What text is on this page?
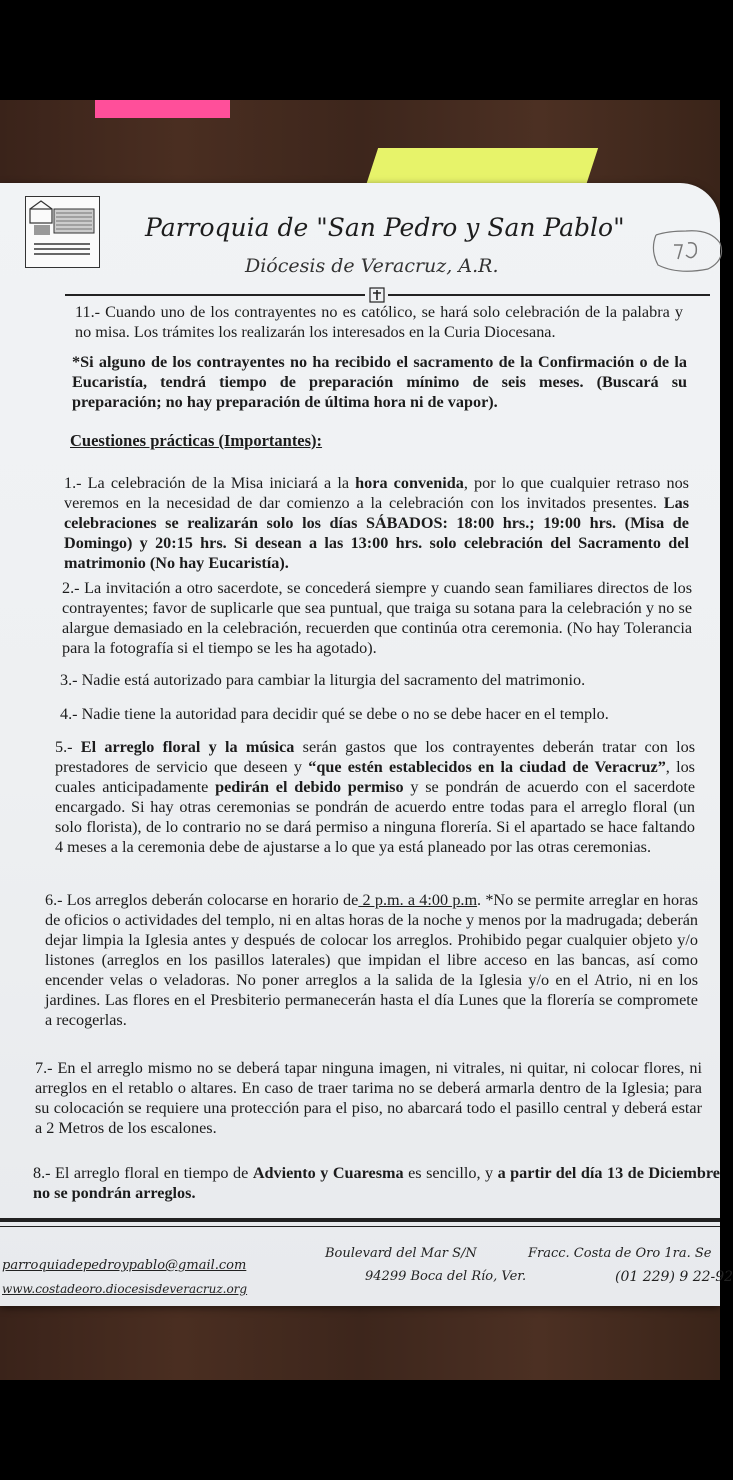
Parroquia de "San Pedro y San Pablo"
Diócesis de Veracruz, A.R.
11.- Cuando uno de los contrayentes no es católico, se hará solo celebración de la palabra y no misa. Los trámites los realizarán los interesados en la Curia Diocesana.
*Si alguno de los contrayentes no ha recibido el sacramento de la Confirmación o de la Eucaristía, tendrá tiempo de preparación mínimo de seis meses. (Buscará su preparación; no hay preparación de última hora ni de vapor).
Cuestiones prácticas (Importantes):
1.- La celebración de la Misa iniciará a la hora convenida, por lo que cualquier retraso nos veremos en la necesidad de dar comienzo a la celebración con los invitados presentes. Las celebraciones se realizarán solo los días SÁBADOS: 18:00 hrs.; 19:00 hrs. (Misa de Domingo) y 20:15 hrs. Si desean a las 13:00 hrs. solo celebración del Sacramento del matrimonio (No hay Eucaristía).
2.- La invitación a otro sacerdote, se concederá siempre y cuando sean familiares directos de los contrayentes; favor de suplicarle que sea puntual, que traiga su sotana para la celebración y no se alargue demasiado en la celebración, recuerden que continúa otra ceremonia. (No hay Tolerancia para la fotografía si el tiempo se les ha agotado).
3.- Nadie está autorizado para cambiar la liturgia del sacramento del matrimonio.
4.- Nadie tiene la autoridad para decidir qué se debe o no se debe hacer en el templo.
5.- El arreglo floral y la música serán gastos que los contrayentes deberán tratar con los prestadores de servicio que deseen y “que estén establecidos en la ciudad de Veracruz”, los cuales anticipadamente pedirán el debido permiso y se pondrán de acuerdo con el sacerdote encargado. Si hay otras ceremonias se pondrán de acuerdo entre todas para el arreglo floral (un solo florista), de lo contrario no se dará permiso a ninguna florería. Si el apartado se hace faltando 4 meses a la ceremonia debe de ajustarse a lo que ya está planeado por las otras ceremonias.
6.- Los arreglos deberán colocarse en horario de 2 p.m. a 4:00 p.m. *No se permite arreglar en horas de oficios o actividades del templo, ni en altas horas de la noche y menos por la madrugada; deberán dejar limpia la Iglesia antes y después de colocar los arreglos. Prohibido pegar cualquier objeto y/o listones (arreglos en los pasillos laterales) que impidan el libre acceso en las bancas, así como encender velas o veladoras. No poner arreglos a la salida de la Iglesia y/o en el Atrio, ni en los jardines. Las flores en el Presbiterio permanecerán hasta el día Lunes que la florería se compromete a recogerlas.
7.- En el arreglo mismo no se deberá tapar ninguna imagen, ni vitrales, ni quitar, ni colocar flores, ni arreglos en el retablo o altares. En caso de traer tarima no se deberá armarla dentro de la Iglesia; para su colocación se requiere una protección para el piso, no abarcará todo el pasillo central y deberá estar a 2 Metros de los escalones.
8.- El arreglo floral en tiempo de Adviento y Cuaresma es sencillo, y a partir del día 13 de Diciembre no se pondrán arreglos.
parroquiadepedroypablo@gmail.com
www.costadeoro.diocesisdeveracruz.org
Boulevard del Mar S/N	Fracc. Costa de Oro 1ra. Se
94299 Boca del Río, Ver.	(01 229) 9 22-92
